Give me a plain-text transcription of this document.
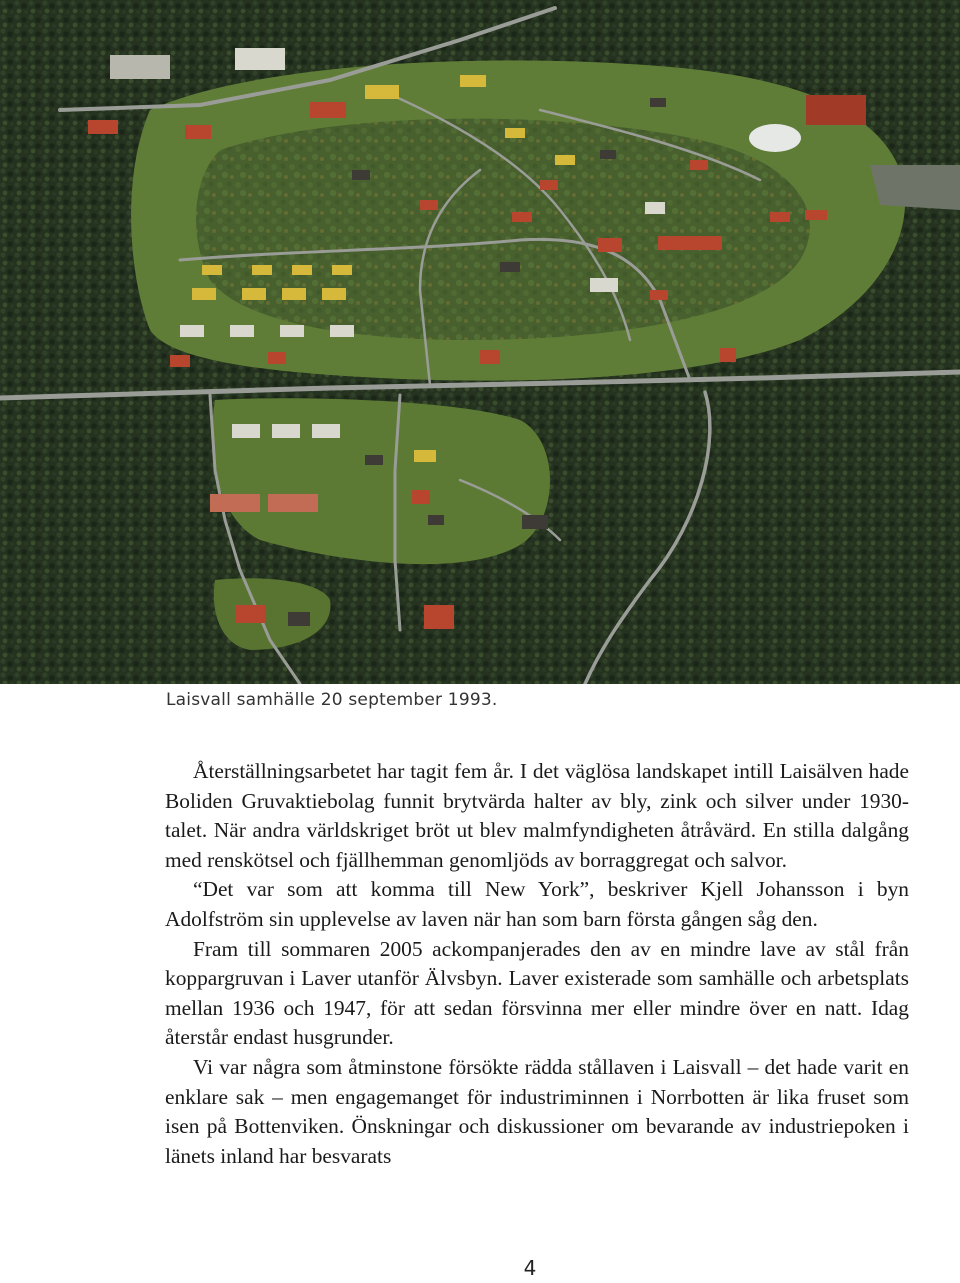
Laisvall samhälle 20 september 1993.

Återställningsarbetet har tagit fem år. I det väglösa landskapet intill Laisälven hade Boliden Gruvaktiebolag funnit brytvärda halter av bly, zink och silver under 1930-talet. När andra världskriget bröt ut blev malmfyndigheten åtråvärd. En stilla dalgång med renskötsel och fjällhemman genomljöds av borraggregat och salvor.

“Det var som att komma till New York”, beskriver Kjell Johansson i byn Adolfström sin upplevelse av laven när han som barn första gången såg den.

Fram till sommaren 2005 ackompanjerades den av en mindre lave av stål från koppargruvan i Laver utanför Älvsbyn. Laver existerade som samhälle och arbetsplats mellan 1936 och 1947, för att sedan försvinna mer eller mindre över en natt. Idag återstår endast husgrunder.

Vi var några som åtminstone försökte rädda stållaven i Laisvall – det hade varit en enklare sak – men engagemanget för industriminnen i Norrbotten är lika fruset som isen på Bottenviken. Önskningar och diskussioner om bevarande av industriepoken i länets inland har besvarats

4
